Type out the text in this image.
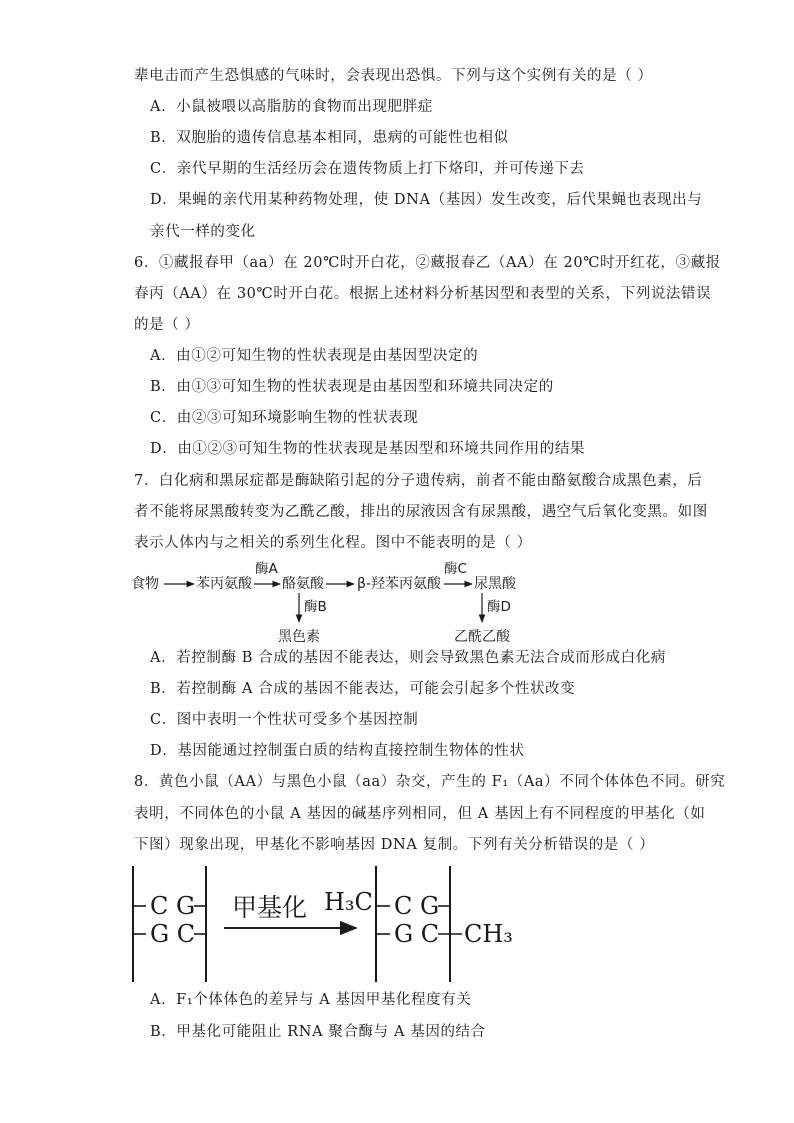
辈电击而产生恐惧感的气味时，会表现出恐惧。下列与这个实例有关的是（ ）
A．小鼠被喂以高脂肪的食物而出现肥胖症
B．双胞胎的遗传信息基本相同，患病的可能性也相似
C．亲代早期的生活经历会在遗传物质上打下烙印，并可传递下去
D．果蝇的亲代用某种药物处理，使 DNA（基因）发生改变，后代果蝇也表现出与
亲代一样的变化
6．①藏报春甲（aa）在 20℃时开白花，②藏报春乙（AA）在 20℃时开红花，③藏报
春丙（AA）在 30℃时开白花。根据上述材料分析基因型和表型的关系，下列说法错误
的是（ ）
A．由①②可知生物的性状表现是由基因型决定的
B．由①③可知生物的性状表现是由基因型和环境共同决定的
C．由②③可知环境影响生物的性状表现
D．由①②③可知生物的性状表现是基因型和环境共同作用的结果
7．白化病和黑尿症都是酶缺陷引起的分子遗传病，前者不能由酪氨酸合成黑色素，后
者不能将尿黑酸转变为乙酰乙酸，排出的尿液因含有尿黑酸，遇空气后氧化变黑。如图
表示人体内与之相关的系列生化程。图中不能表明的是（ ）
食物	苯丙氨酸 酪氨酸 β-羟苯丙氨酸 尿黑酸
黑色素	乙酰乙酸
酶A	酶C
酶B	酶D
A．若控制酶 B 合成的基因不能表达，则会导致黑色素无法合成而形成白化病
B．若控制酶 A 合成的基因不能表达，可能会引起多个性状改变
C．图中表明一个性状可受多个基因控制
D．基因能通过控制蛋白质的结构直接控制生物体的性状
8．黄色小鼠（AA）与黑色小鼠（aa）杂交，产生的 F₁（Aa）不同个体体色不同。研究
表明，不同体色的小鼠 A 基因的碱基序列相同，但 A 基因上有不同程度的甲基化（如
下图）现象出现，甲基化不影响基因 DNA 复制。下列有关分析错误的是（ ）
C G
G C
甲基化 H₃C C G
G C CH₃
A．F₁个体体色的差异与 A 基因甲基化程度有关
B．甲基化可能阻止 RNA 聚合酶与 A 基因的结合
